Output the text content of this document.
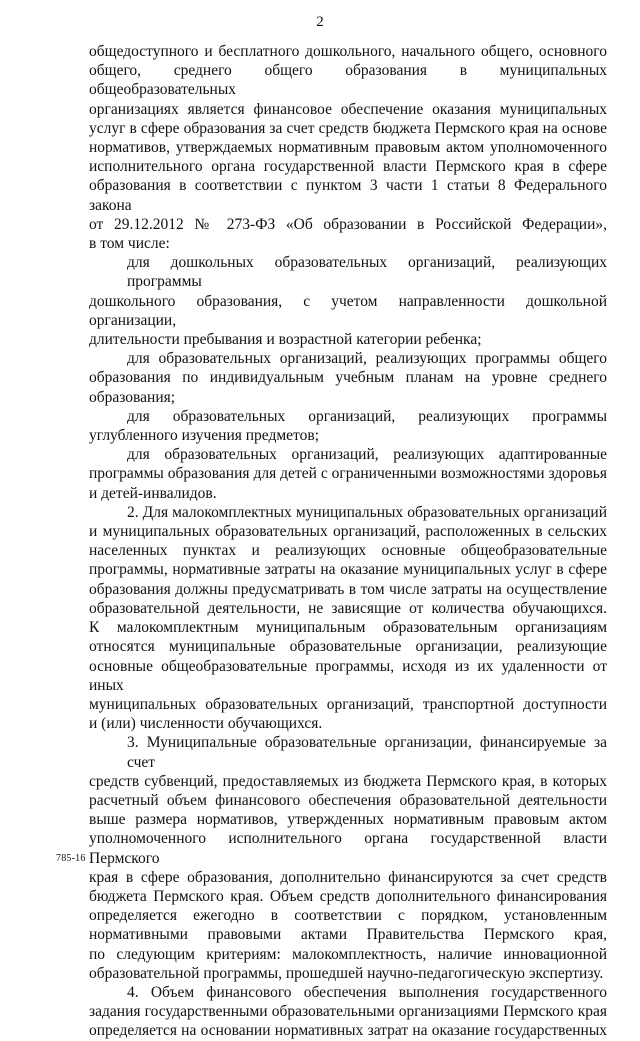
2
общедоступного и бесплатного дошкольного, начального общего, основного
общего, среднего общего образования в муниципальных общеобразовательных
организациях является финансовое обеспечение оказания муниципальных
услуг в сфере образования за счет средств бюджета Пермского края на основе
нормативов, утверждаемых нормативным правовым актом уполномоченного
исполнительного органа государственной власти Пермского края в сфере
образования в соответствии с пунктом 3 части 1 статьи 8 Федерального закона
от 29.12.2012 № 273-ФЗ «Об образовании в Российской Федерации»,
в том числе:
для дошкольных образовательных организаций, реализующих программы
дошкольного образования, с учетом направленности дошкольной организации,
длительности пребывания и возрастной категории ребенка;
для образовательных организаций, реализующих программы общего
образования по индивидуальным учебным планам на уровне среднего
образования;
для образовательных организаций, реализующих программы
углубленного изучения предметов;
для образовательных организаций, реализующих адаптированные
программы образования для детей с ограниченными возможностями здоровья
и детей-инвалидов.
2. Для малокомплектных муниципальных образовательных организаций
и муниципальных образовательных организаций, расположенных в сельских
населенных пунктах и реализующих основные общеобразовательные
программы, нормативные затраты на оказание муниципальных услуг в сфере
образования должны предусматривать в том числе затраты на осуществление
образовательной деятельности, не зависящие от количества обучающихся.
К малокомплектным муниципальным образовательным организациям
относятся муниципальные образовательные организации, реализующие
основные общеобразовательные программы, исходя из их удаленности от иных
муниципальных образовательных организаций, транспортной доступности
и (или) численности обучающихся.
3. Муниципальные образовательные организации, финансируемые за счет
средств субвенций, предоставляемых из бюджета Пермского края, в которых
расчетный объем финансового обеспечения образовательной деятельности
выше размера нормативов, утвержденных нормативным правовым актом
уполномоченного исполнительного органа государственной власти Пермского
края в сфере образования, дополнительно финансируются за счет средств
бюджета Пермского края. Объем средств дополнительного финансирования
определяется ежегодно в соответствии с порядком, установленным
нормативными правовыми актами Правительства Пермского края,
по следующим критериям: малокомплектность, наличие инновационной
образовательной программы, прошедшей научно-педагогическую экспертизу.
4. Объем финансового обеспечения выполнения государственного
задания государственными образовательными организациями Пермского края
определяется на основании нормативных затрат на оказание государственных
785-16
